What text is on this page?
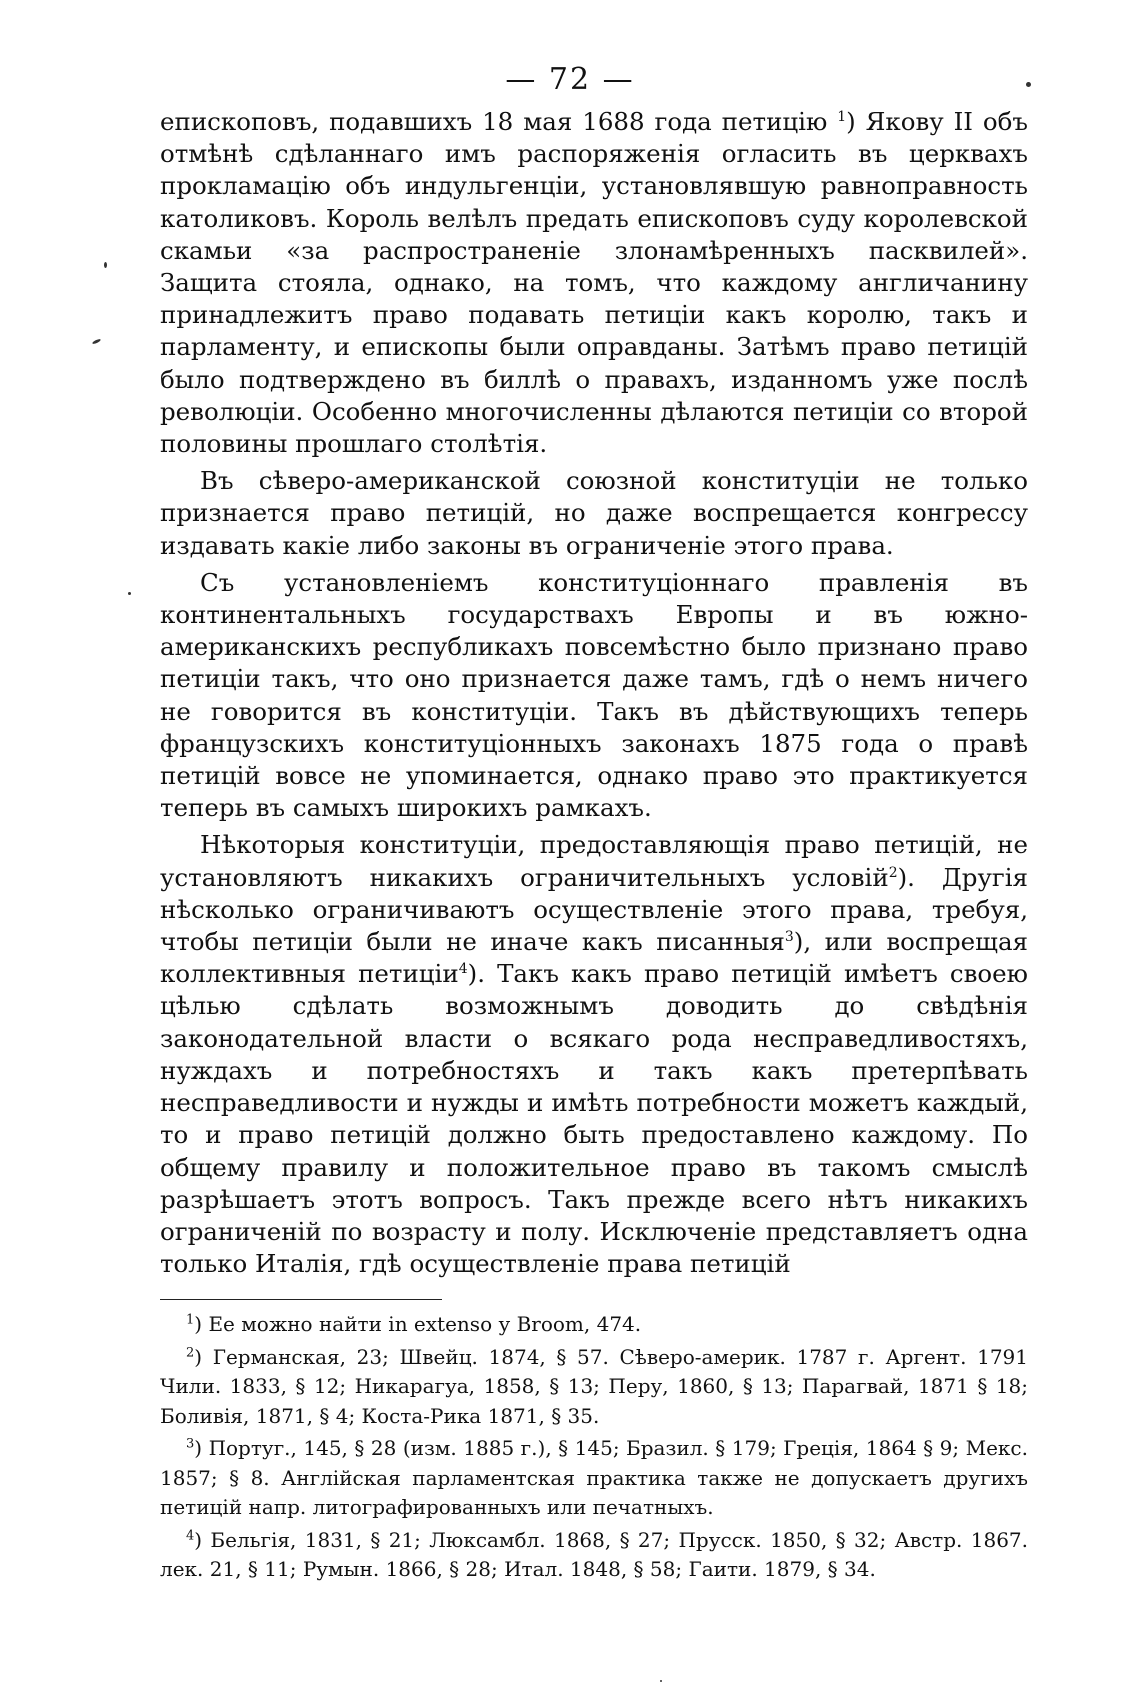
— 72 —

епископовъ, подавшихъ 18 мая 1688 года петицію $^1$) Якову II объ отмѣнѣ сдѣланнаго имъ распоряженія огласить въ церквахъ прокламацію объ индульгенціи, установлявшую равноправность католиковъ. Король велѣлъ предать епископовъ суду королевской скамьи «за распространеніе злонамѣренныхъ пасквилей». Защита стояла, однако, на томъ, что каждому англичанину принадлежитъ право подавать петиціи какъ королю, такъ и парламенту, и епископы были оправданы. Затѣмъ право петицій было подтверждено въ биллѣ о правахъ, изданномъ уже послѣ революціи. Особенно многочисленны дѣлаются петиціи со второй половины прошлаго столѣтія.

Въ сѣверо-американской союзной конституціи не только признается право петицій, но даже воспрещается конгрессу издавать какіе либо законы въ ограниченіе этого права.

Съ установленіемъ конституціоннаго правленія въ континентальныхъ государствахъ Европы и въ южно-американскихъ республикахъ повсемѣстно было признано право петиціи такъ, что оно признается даже тамъ, гдѣ о немъ ничего не говорится въ конституціи. Такъ въ дѣйствующихъ теперь французскихъ конституціонныхъ законахъ 1875 года о правѣ петицій вовсе не упоминается, однако право это практикуется теперь въ самыхъ широкихъ рамкахъ.

Нѣкоторыя конституціи, предоставляющія право петицій, не установляютъ никакихъ ограничительныхъ условій$^2$). Другія нѣсколько ограничиваютъ осуществленіе этого права, требуя, чтобы петиціи были не иначе какъ писанныя$^3$), или воспрещая коллективныя петиціи$^4$). Такъ какъ право петицій имѣетъ своею цѣлью сдѣлать возможнымъ доводить до свѣдѣнія законодательной власти о всякаго рода несправедливостяхъ, нуждахъ и потребностяхъ и такъ какъ претерпѣвать несправедливости и нужды и имѣть потребности можетъ каждый, то и право петицій должно быть предоставлено каждому. По общему правилу и положительное право въ такомъ смыслѣ разрѣшаетъ этотъ вопросъ. Такъ прежде всего нѣтъ никакихъ ограниченій по возрасту и полу. Исключеніе представляетъ одна только Италія, гдѣ осуществленіе права петицій

$^1$) Ее можно найти in extenso у Broom, 474.

$^2$) Германская, 23; Швейц. 1874, § 57. Сѣверо-америк. 1787 г. Аргент. 1791 Чили. 1833, § 12; Никарагуа, 1858, § 13; Перу, 1860, § 13; Парагвай, 1871 § 18; Боливія, 1871, § 4; Коста-Рика 1871, § 35.

$^3$) Португ., 145, § 28 (изм. 1885 г.), § 145; Бразил. § 179; Греція, 1864 § 9; Мекс. 1857; § 8. Англійская парламентская практика также не допускаетъ другихъ петицій напр. литографированныхъ или печатныхъ.

$^4$) Бельгія, 1831, § 21; Люксамбл. 1868, § 27; Прусск. 1850, § 32; Австр. 1867. лек. 21, § 11; Румын. 1866, § 28; Итал. 1848, § 58; Гаити. 1879, § 34.
